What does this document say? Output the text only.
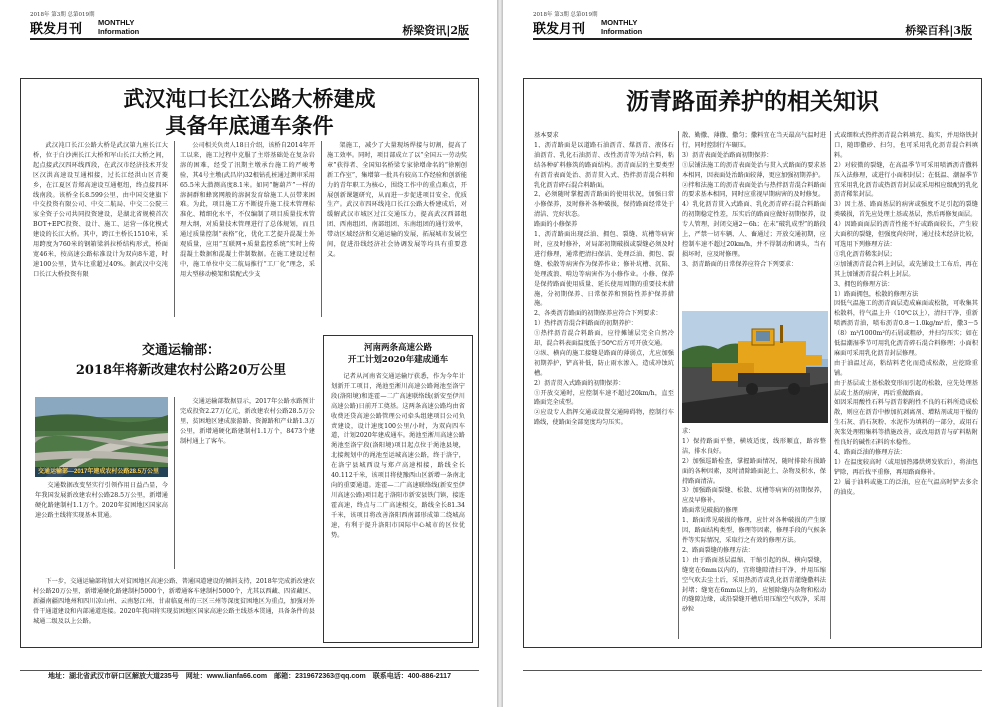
2018年 第3期 总第019期
联发月刊 MONTHLY
Information	桥梁资讯|2版
武汉沌口长江公路大桥建成
具备年底通车条件

武汉沌口长江公路大桥是武汉第九座长江大桥，位于白沙洲长江大桥和军山长江大桥之间，起点接武汉四环线西段，在武汉市经济技术开发区汉洪高速设互通相接，过长江经洪山区青菱乡，在江夏区青郑高速设互通枢纽，终点接四环线南段。该桥全长8.599公里，由中国交建旗下中交投资有限公司、中交二航局、中交二公院三家全资子公司共同投资建设，是湖北省规模首次BOT+EPC投资、设计、施工、运营一体化模式建设的长江大桥。其中，跨江主桥长1510米，采用跨度为760米的钢箱梁斜拉桥结构形式，桥面宽46米，按高速公路标准设计为双向8车道，时速100公里，货车比重超过40%。据武汉中交沌口长江大桥投资有限

公司相关负责人18日介绍，该桥自2014年开工以来，施工过程中克服了主塔基础处在复杂岩溶的困难，经受了汛期主墩承台施工的严峻考验，其4号主墩(武昌岸)32根钻孔桩通过测审采用65.5米大潜测高度8.1米。如同“糖葫芦”一样的溶洞群和蜂窝网般的溶洞发育给施工人员带来困难。为此，项目施工方不断提升施工技术管理标准化、精细化水平，不仅编制了项目质量技术管理大纲，对质量技术管理进行了总体规划，而且通过质量控制“表格”化，优化工艺提升混凝土外观质量，应用“互联网+质量监控系统”实时上传混凝土数据和混凝土伴制数据。在施工建设过程中，施工单位中交二航局推行“工厂化”理念，采用大型移动模架和装配式少支

架施工，减少了大量现场焊接与切割，提高了施工效率。同时，项目部成立了以“全国五一劳动奖章”获得者、全国知名桥梁专家徐增命名的“徐刚创新工作室”，集增第一批具有较高工作经验和创新能力的青年职工为核心，围绕工作中的重点难点，开展创新课题研究，从而进一步促进项目安全、优质生产。武汉市四环线沌口长江公路大桥建成后，对缓解武汉市城区过江交通压力，提高武汉西部组团、西南组团、南部组团、东南组团的通行效率，带动区域经济和交通运输的发展，拓展城市发展空间，促进沿线经济社会协调发展等均具有重要意义。

交通运输部：
2018年将新改建农村公路20万公里
交通运输部—2017年建成农村公路28.5万公里

交通数据改变坚实行引领作用日益凸显，今年我国发展新改建农村公路28.5万公里，新增通硬化路建制村1.1万个。2020年贫困地区国家高速公路主线将实现基本贯通。

交通运输部数据显示，2017年公路水路预计完成投资2.27万亿元，新改建农村公路28.5万公里，贫困地区建成旅游路、资源路和产业路1.3万公里，新增通硬化路建制村1.1万个，8473个建制村通上了客车。

下一步，交通运输部将加大对贫困地区高速公路、普通国道建设的倾斜支持，2018年完成新改建农村公路20万公里，新增通硬化路建制村5000个，新增通客车建制村5000个，尤其以西藏、四省藏区、新疆南疆四地州和四川凉山州、云南怒江州、甘肃临夏州的三区三州等深度贫困地区为重点，加强对外骨干通道建设和内部通道连接。2020年我国将实现贫困地区国家高速公路主线基本贯通，具备条件的县城通二级及以上公路。

河南两条高速公路
开工计划2020年建成通车

记者从河南省交通运输厅获悉，作为今年计划新开工项目，渑池至淅川高速公路渑池至洛宁段(洛阳境)和连霍—二广高速联络线(新安至伊川高速公路)日前开工奠基。这两条高速公路均由省收费还贷高速公路管理公司牵头组建项目公司负责建设，设计速度100公里/小时，为双向四车道，计划2020年建成通车。渑池至淅川高速公路渑池至洛宁段(洛阳境)项目起点位于渑池县境，北接规划中的渑池至运城高速公路，终于洛宁，在洛宁县城西设与郑卢高速相接，路线全长40.112千米，该项目将使豫西山区新增一条南北向的重要通道。连霍—二广高速联络线(新安至伊川高速公路)项目起于洛阳市新安县铁门镇，接连霍高速，终点与二广高速相交，路线全长81.34千米，该项目将改善洛阳西南部形成第二绕城高速，有利于提升洛阳市国际中心城市的区位优势。

地址：湖北省武汉市研口区解放大道235号　网址：www.lianfa66.com　邮箱：2319672363@qq.com　联系电话：400-886-2117
2018年 第3期 总第019期
联发月刊 MONTHLY
Information	桥梁百科|3版
沥青路面养护的相关知识
基本要求
1、沥青路面是以道路石油沥青、煤沥青、液体石油沥青、乳化石油沥青、改性沥青等为结合料，粘结各种矿料修筑的路面结构。沥青面层的主要类型有沥青表面处治、沥青贯入式、热拌沥青混合料和乳化沥青碎石混合料路面。
2、必须随时掌握沥青路面的使用状况，加强日常小修保养，及时修补各种破损，保持路面经常处于清洁、完好状态。
路面的小修保养
1、沥青路面出现泛油、拥包、裂缝、坑槽等病害时，应及时修补，对局部初期破损或裂缝必须及时进行修理，通常把清扫保洁、处理泛油、拥包、裂缝、松散等病害作为保养作业；修补坑槽、沉陷、处理波浪、啃边等病害作为小修作业。小修、保养是保持路面使用质量、延长使用周期的重要技术措施，分初期保养、日常保养和预防性养护保养措施。
2、各类沥青路面的初期保养应符合下列要求：
1）热拌沥青混合料路面的初期养护：
①热拌沥青混合料路面，应待摊铺层完全自然冷却，混合料表面温度低于50℃后方可开放交通。
②纵、横向的施工接缝是路面的薄弱点，尤应加强初期养护，铲高补低，防止雨水渗入，造成冲蚀坑槽。
2）沥青贯入式路面的初期保养：
①开放交通时，应控制车速不超过20km/h，直至路面完全成型。
②应设专人指挥交通或设置交通障碍物，控制行车路线，使路面全部宽度均匀压实。
散、勤撒、薄撒、撒匀；撒料宜在当天最高气温时进行，同时控制行车碾压。
3）沥青表面处治路面初期保养：
①层铺法施工的沥青表面处治与贯入式路面的要求基本相同，因表面处治路面较薄，更应加强初期养护。
②拌和法施工的沥青表面处治与热拌沥青混合料路面的要求基本相同，同时应重视早期病害的及时修复。
4）乳化沥青贯入式路面、乳化沥青碎石混合料路面的初期稳定性差，压实后的路面应做好初期保养，设专人管理，封闭交通2～6h；在未“破乳成型”的路段上，严禁一切车辆、人、畜通过；开放交通初期，应控制车速不超过20km/h，并不得制动和调头，当有损坏时，应及时修理。
3、沥青路面的日常保养应符合下列要求：
求：
1）保持路面平整，横坡适度，线形顺直，路容整洁，排水良好。
2）加强巡路检查，掌握路面情况，随时排除有损路面的各种因素，及时清除路面泥土、杂物及积水，保持路面清洁。
3）加强路面裂缝、松散、坑槽等病害的初期保养，应及早修补。
路面常见破损的修理
1、路面常见破损的修理，应针对各种破损的产生原因，路面结构类型，修理等因素，修理手段的气候条件等实际情况，采取行之有效的修理方法。
2、路面裂缝的修理方法：
1）由于路面基层温缩、干缩引起的纵、横向裂缝，缝宽在6mm以内的，宜将缝隙清扫干净，并用压缩空气吹去尘土后，采用热沥青或乳化沥青灌缝撒料法封堵；缝宽在6mm以上的，应刨除缝内杂物和松动的缝隙边缘，或沿裂缝开槽后用压缩空气吹净，采用砂粒
式或细粒式热拌沥青混合料填充、捣实，并用烙铁封口，随即撒砂、扫匀，也可采用乳化沥青混合料填料。
2）对较微的裂缝，在高温季节可采用喷洒沥青撒料压入法修理，或进行小面积封层；在低温、潮湿季节宜采用乳化沥青或热沥青封层或采用相应级配的乳化沥青稀浆封层。
3）因土基、路面基层的病害或强度不足引起的裂缝类破损，首先应处理土基或基层，然后再修复面层。
4）因路面面层的沥青性能不好或路面较长，产生较大面积的裂缝，但强度尚好时，通过技术经济比较，可选用下列修理方法：
①乳化沥青稀浆封层；
②加铺沥青混合料上封层，或先铺设土工布后，再在其上加铺沥青混合料上封层。
3、拥包的修理方法：
1）路面拥包，松散的修理方法
因低气温施工的沥青面层造成麻面或松散，可收集其松散料，待气温上升（10℃以上），清扫干净，重新喷洒沥青油，喷布沥青0.8～1.0kg/m²后，撒3～5（8）m³/1000m²的石屑或粗砂，并扫匀压实；如在低温潮湿季节可用乳化沥青碎石混合料修理；小面积麻面可采用乳化沥青封层修理。
由于油温过高，粘结料老化而造成松散，应挖除重铺。
由于基层或土基松散变形而引起的松散，应先处理基层或土基的病害，再后重做路面。
如因采用酸性石料与沥青粘附性不良的石料所造成松散，则应在沥青中掺加抗剥离剂、增粘剂或用干燥的生石灰、消石灰粉、水泥作为填料的一部分，或用石灰浆处理粗集料等措施改善，或改用沥青与矿料粘附性良好的碱性石料的水稳性。
4、路面泛油的修理方法：
1）在温度较高时（或用加热器烘烤发软后），将油包铲除，再后找平重修，再用路面修补。
2）属于油料或施工的泛油，应在气温高时铲去多余的油皮。
